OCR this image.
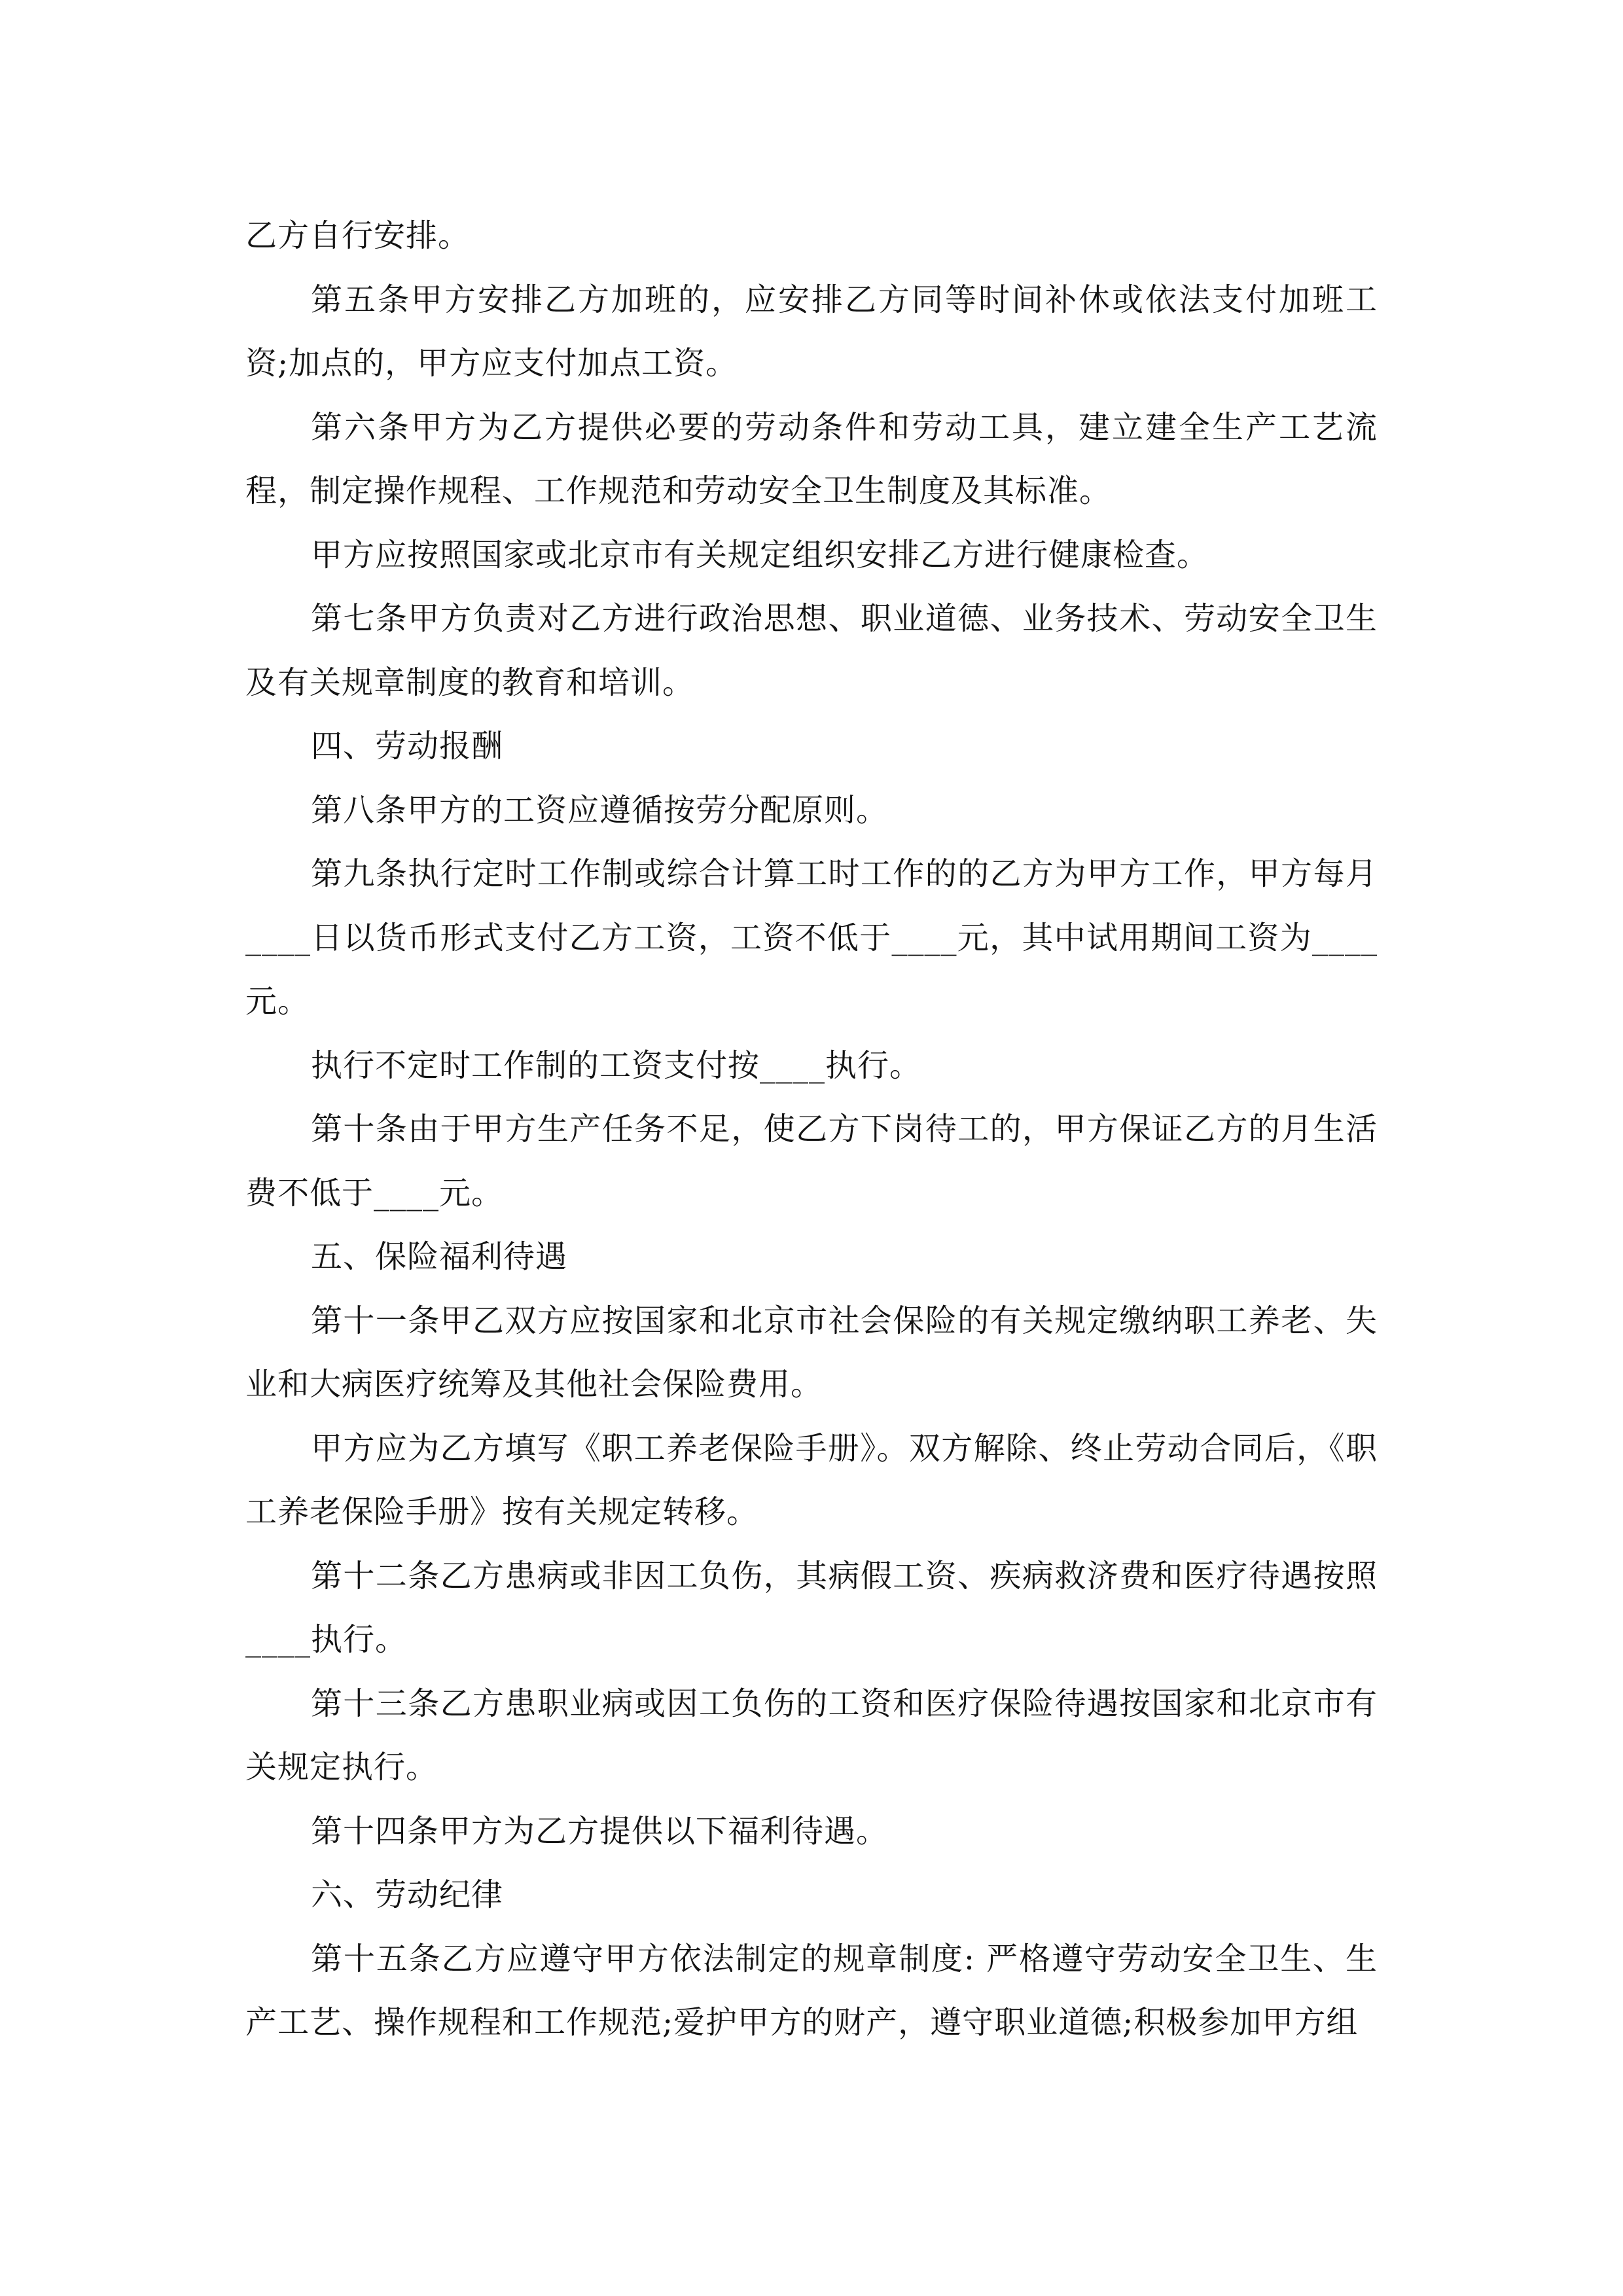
乙方自行安排。

第五条甲方安排乙方加班的，应安排乙方同等时间补休或依法支付加班工资;加点的，甲方应支付加点工资。

第六条甲方为乙方提供必要的劳动条件和劳动工具，建立建全生产工艺流程，制定操作规程、工作规范和劳动安全卫生制度及其标准。

甲方应按照国家或北京市有关规定组织安排乙方进行健康检查。

第七条甲方负责对乙方进行政治思想、职业道德、业务技术、劳动安全卫生及有关规章制度的教育和培训。

四、劳动报酬

第八条甲方的工资应遵循按劳分配原则。

第九条执行定时工作制或综合计算工时工作的的乙方为甲方工作，甲方每月____日以货币形式支付乙方工资，工资不低于____元，其中试用期间工资为____元。

执行不定时工作制的工资支付按____执行。

第十条由于甲方生产任务不足，使乙方下岗待工的，甲方保证乙方的月生活费不低于____元。

五、保险福利待遇

第十一条甲乙双方应按国家和北京市社会保险的有关规定缴纳职工养老、失业和大病医疗统筹及其他社会保险费用。

甲方应为乙方填写《职工养老保险手册》。双方解除、终止劳动合同后，《职工养老保险手册》按有关规定转移。

第十二条乙方患病或非因工负伤，其病假工资、疾病救济费和医疗待遇按照____执行。

第十三条乙方患职业病或因工负伤的工资和医疗保险待遇按国家和北京市有关规定执行。

第十四条甲方为乙方提供以下福利待遇。

六、劳动纪律

第十五条乙方应遵守甲方依法制定的规章制度: 严格遵守劳动安全卫生、生产工艺、操作规程和工作规范;爱护甲方的财产，遵守职业道德;积极参加甲方组
